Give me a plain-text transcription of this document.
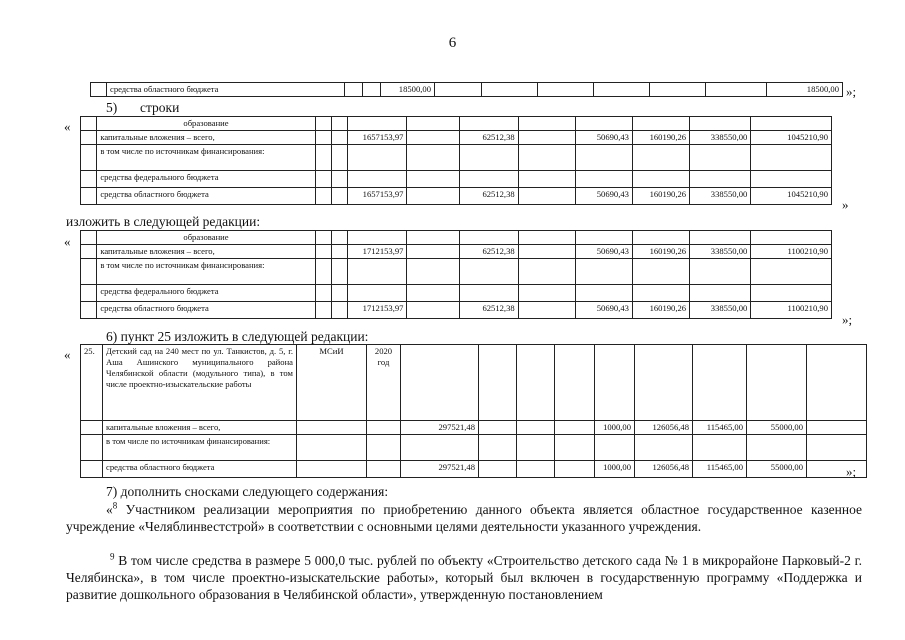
6
	средства областного бюджета			18500,00							18500,00 »;
5) строки
«
		образование										
	капитальные вложения – всего,			1657153,97		62512,38		50690,43	160190,26	338550,00	1045210,90
	в том числе по источникам финансирования:										
	средства федерального бюджета										
	средства областного бюджета			1657153,97		62512,38		50690,43	160190,26	338550,00	1045210,90
»
изложить в следующей редакции:
«
		образование										
	капитальные вложения – всего,			1712153,97		62512,38		50690,43	160190,26	338550,00	1100210,90
	в том числе по источникам финансирования:										
	средства федерального бюджета										
	средства областного бюджета			1712153,97		62512,38		50690,43	160190,26	338550,00	1100210,90
»;
6) пункт 25 изложить в следующей редакции:
« 25.	Детский сад на 240 мест по ул. Танкистов, д. 5, г. Аша Ашинского муниципального района Челябинской области (модульного типа), в том числе проектно-изыскательские работы	МСиИ	2020 год									
	капитальные вложения – всего,			297521,48				1000,00	126056,48	115465,00	55000,00	
	в том числе по источникам финансирования:											
	средства областного бюджета			297521,48				1000,00	126056,48	115465,00	55000,00		»;
7) дополнить сносками следующего содержания:
«$^8$ Участником реализации мероприятия по приобретению данного объекта является областное государственное казенное учреждение «Челяблинвестстрой» в соответствии с основными целями деятельности указанного учреждения.
$^9$ В том числе средства в размере 5 000,0 тыс. рублей по объекту «Строительство детского сада № 1 в микрорайоне Парковый-2 г. Челябинска», в том числе проектно-изыскательские работы», который был включен в государственную программу «Поддержка и развитие дошкольного образования в Челябинской области», утвержденную постановлением
